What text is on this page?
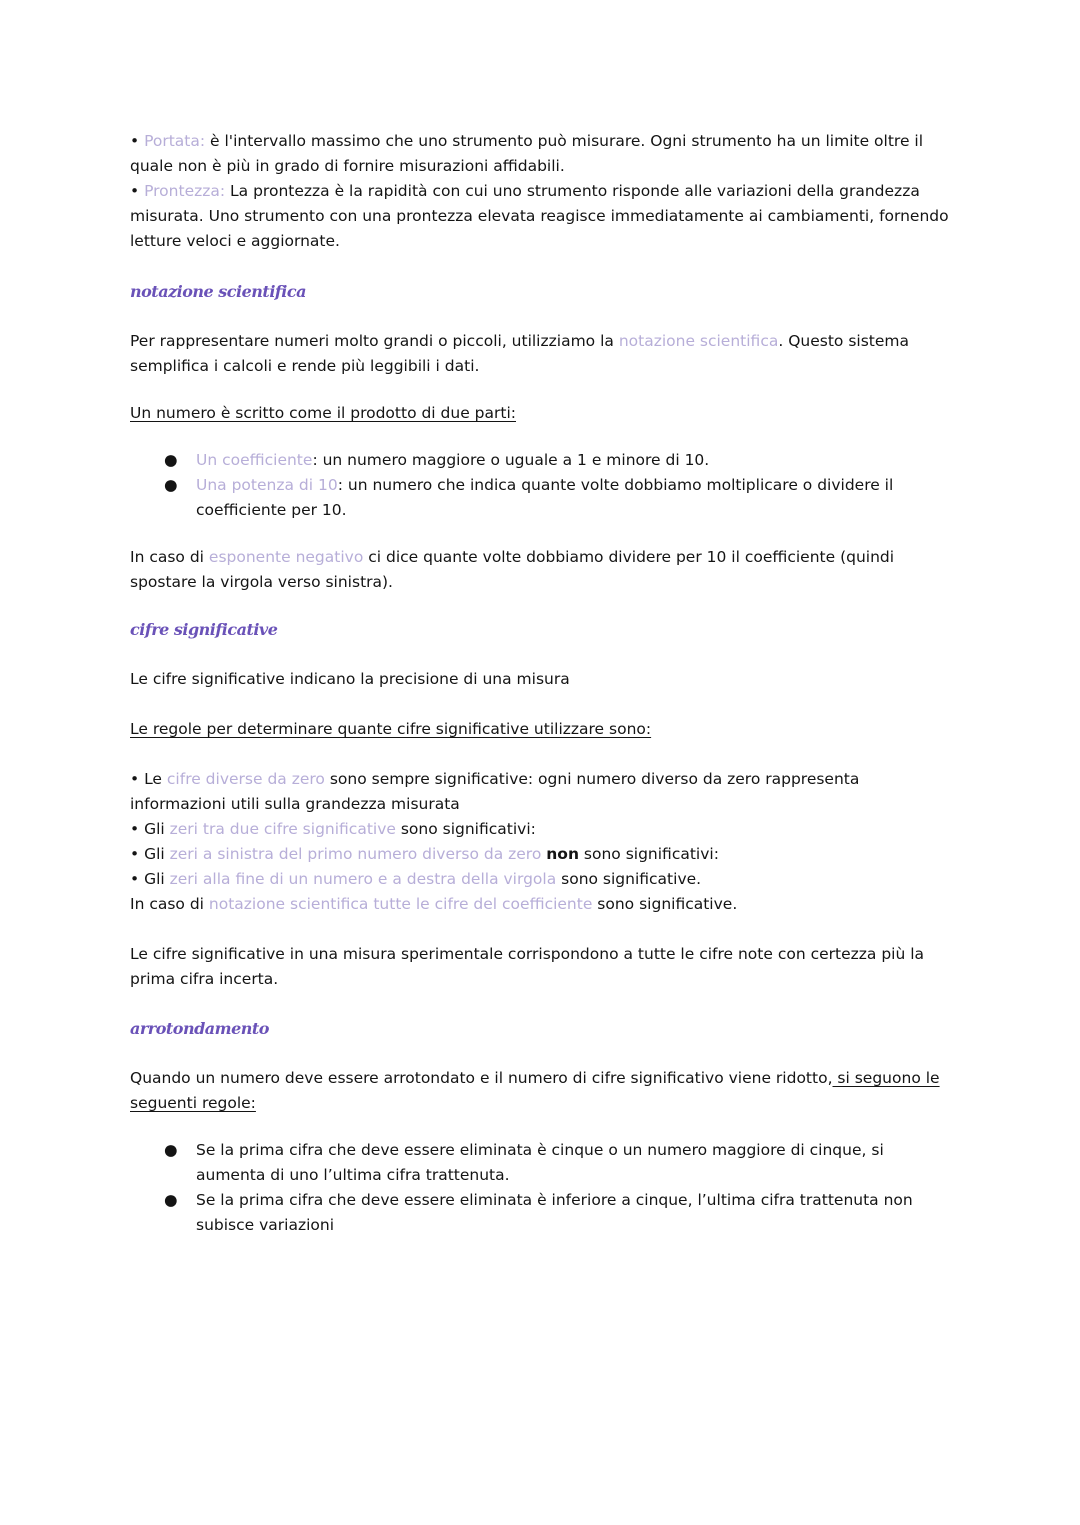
• Portata: è l'intervallo massimo che uno strumento può misurare. Ogni strumento ha un limite oltre il quale non è più in grado di fornire misurazioni affidabili.

• Prontezza: La prontezza è la rapidità con cui uno strumento risponde alle variazioni della grandezza misurata. Uno strumento con una prontezza elevata reagisce immediatamente ai cambiamenti, fornendo letture veloci e aggiornate.

notazione scientifica

Per rappresentare numeri molto grandi o piccoli, utilizziamo la notazione scientifica. Questo sistema semplifica i calcoli e rende più leggibili i dati.

Un numero è scritto come il prodotto di due parti:

● Un coefficiente: un numero maggiore o uguale a 1 e minore di 10.
● Una potenza di 10: un numero che indica quante volte dobbiamo moltiplicare o dividere il coefficiente per 10.

In caso di esponente negativo ci dice quante volte dobbiamo dividere per 10 il coefficiente (quindi spostare la virgola verso sinistra).

cifre significative

Le cifre significative indicano la precisione di una misura

Le regole per determinare quante cifre significative utilizzare sono:

• Le cifre diverse da zero sono sempre significative: ogni numero diverso da zero rappresenta informazioni utili sulla grandezza misurata

• Gli zeri tra due cifre significative sono significativi:

• Gli zeri a sinistra del primo numero diverso da zero non sono significativi:

• Gli zeri alla fine di un numero e a destra della virgola sono significative.

In caso di notazione scientifica tutte le cifre del coefficiente sono significative.

Le cifre significative in una misura sperimentale corrispondono a tutte le cifre note con certezza più la prima cifra incerta.

arrotondamento

Quando un numero deve essere arrotondato e il numero di cifre significativo viene ridotto, si seguono le seguenti regole:

● Se la prima cifra che deve essere eliminata è cinque o un numero maggiore di cinque, si aumenta di uno l’ultima cifra trattenuta.
● Se la prima cifra che deve essere eliminata è inferiore a cinque, l’ultima cifra trattenuta non subisce variazioni
